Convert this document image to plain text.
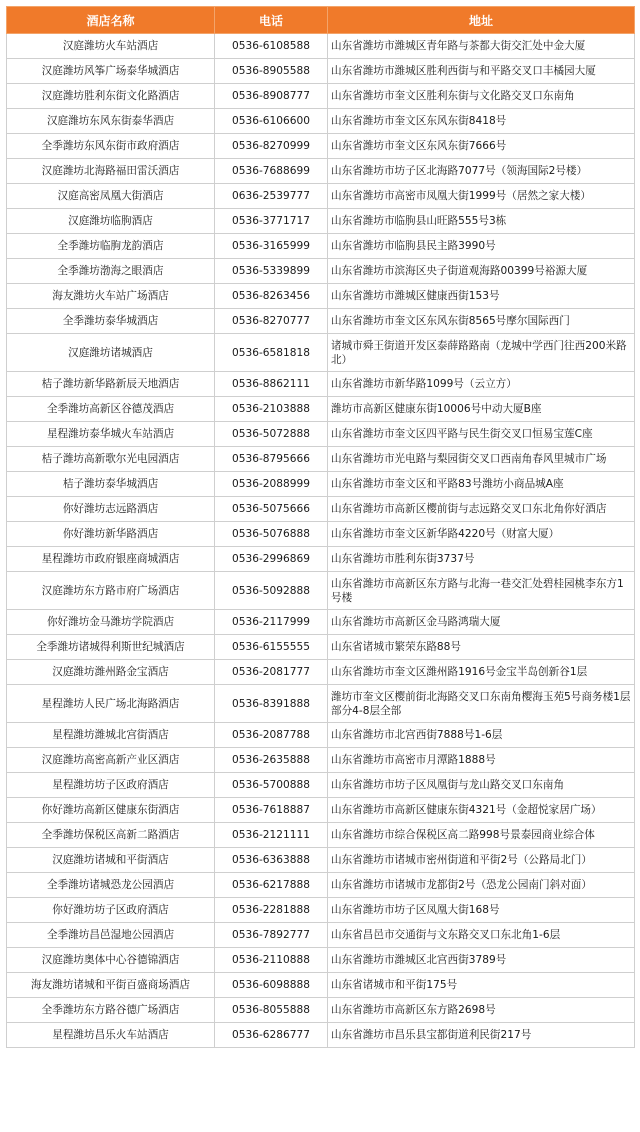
酒店名称	电话	地址
汉庭潍坊火车站酒店	0536-6108588	山东省潍坊市潍城区青年路与茶都大街交汇处中金大厦
汉庭潍坊风筝广场泰华城酒店	0536-8905588	山东省潍坊市潍城区胜利西街与和平路交叉口丰橘园大厦
汉庭潍坊胜利东街文化路酒店	0536-8908777	山东省潍坊市奎文区胜利东街与文化路交叉口东南角
汉庭潍坊东风东街泰华酒店	0536-6106600	山东省潍坊市奎文区东风东街8418号
全季潍坊东风东街市政府酒店	0536-8270999	山东省潍坊市奎文区东风东街7666号
汉庭潍坊北海路福田雷沃酒店	0536-7688699	山东省潍坊市坊子区北海路7077号（领海国际2号楼）
汉庭高密凤凰大街酒店	0636-2539777	山东省潍坊市高密市凤凰大街1999号（居然之家大楼）
汉庭潍坊临朐酒店	0536-3771717	山东省潍坊市临朐县山旺路555号3栋
全季潍坊临朐龙韵酒店	0536-3165999	山东省潍坊市临朐县民主路3990号
全季潍坊渤海之眼酒店	0536-5339899	山东省潍坊市滨海区央子街道观海路00399号裕源大厦
海友潍坊火车站广场酒店	0536-8263456	山东省潍坊市潍城区健康西街153号
全季潍坊泰华城酒店	0536-8270777	山东省潍坊市奎文区东风东街8565号摩尔国际西门
汉庭潍坊诸城酒店	0536-6581818	诸城市舜王街道开发区泰薛路路南（龙城中学西门往西200米路北）
桔子潍坊新华路新辰天地酒店	0536-8862111	山东省潍坊市新华路1099号（云立方）
全季潍坊高新区谷德茂酒店	0536-2103888	潍坊市高新区健康东街10006号中动大厦B座
星程潍坊泰华城火车站酒店	0536-5072888	山东省潍坊市奎文区四平路与民生街交叉口恒易宝莲C座
桔子潍坊高新歌尔光电园酒店	0536-8795666	山东省潍坊市光电路与梨园街交叉口西南角春风里城市广场
桔子潍坊泰华城酒店	0536-2088999	山东省潍坊市奎文区和平路83号潍坊小商品城A座
你好潍坊志远路酒店	0536-5075666	山东省潍坊市高新区樱前街与志远路交叉口东北角你好酒店
你好潍坊新华路酒店	0536-5076888	山东省潍坊市奎文区新华路4220号（财富大厦）
星程潍坊市政府银座商城酒店	0536-2996869	山东省潍坊市胜利东街3737号
汉庭潍坊东方路市府广场酒店	0536-5092888	山东省潍坊市高新区东方路与北海一巷交汇处碧桂园桃李东方1号楼
你好潍坊金马潍坊学院酒店	0536-2117999	山东省潍坊市高新区金马路鸿瑞大厦
全季潍坊诸城得利斯世纪城酒店	0536-6155555	山东省诸城市繁荣东路88号
汉庭潍坊潍州路金宝酒店	0536-2081777	山东省潍坊市奎文区潍州路1916号金宝半岛创新谷1层
星程潍坊人民广场北海路酒店	0536-8391888	潍坊市奎文区樱前街北海路交叉口东南角樱海玉苑5号商务楼1层部分4-8层全部
星程潍坊潍城北宫街酒店	0536-2087788	山东省潍坊市北宫西街7888号1-6层
汉庭潍坊高密高新产业区酒店	0536-2635888	山东省潍坊市高密市月潭路1888号
星程潍坊坊子区政府酒店	0536-5700888	山东省潍坊市坊子区凤凰街与龙山路交叉口东南角
你好潍坊高新区健康东街酒店	0536-7618887	山东省潍坊市高新区健康东街4321号（金超悦家居广场）
全季潍坊保税区高新二路酒店	0536-2121111	山东省潍坊市综合保税区高二路998号景泰园商业综合体
汉庭潍坊诸城和平街酒店	0536-6363888	山东省潍坊市诸城市密州街道和平街2号（公路局北门）
全季潍坊诸城恐龙公园酒店	0536-6217888	山东省潍坊市诸城市龙都街2号（恐龙公园南门斜对面）
你好潍坊坊子区政府酒店	0536-2281888	山东省潍坊市坊子区凤凰大街168号
全季潍坊昌邑湿地公园酒店	0536-7892777	山东省昌邑市交通街与文东路交叉口东北角1-6层
汉庭潍坊奥体中心谷德锦酒店	0536-2110888	山东省潍坊市潍城区北宫西街3789号
海友潍坊诸城和平街百盛商场酒店	0536-6098888	山东省诸城市和平街175号
全季潍坊东方路谷德广场酒店	0536-8055888	山东省潍坊市高新区东方路2698号
星程潍坊昌乐火车站酒店	0536-6286777	山东省潍坊市昌乐县宝都街道利民街217号
